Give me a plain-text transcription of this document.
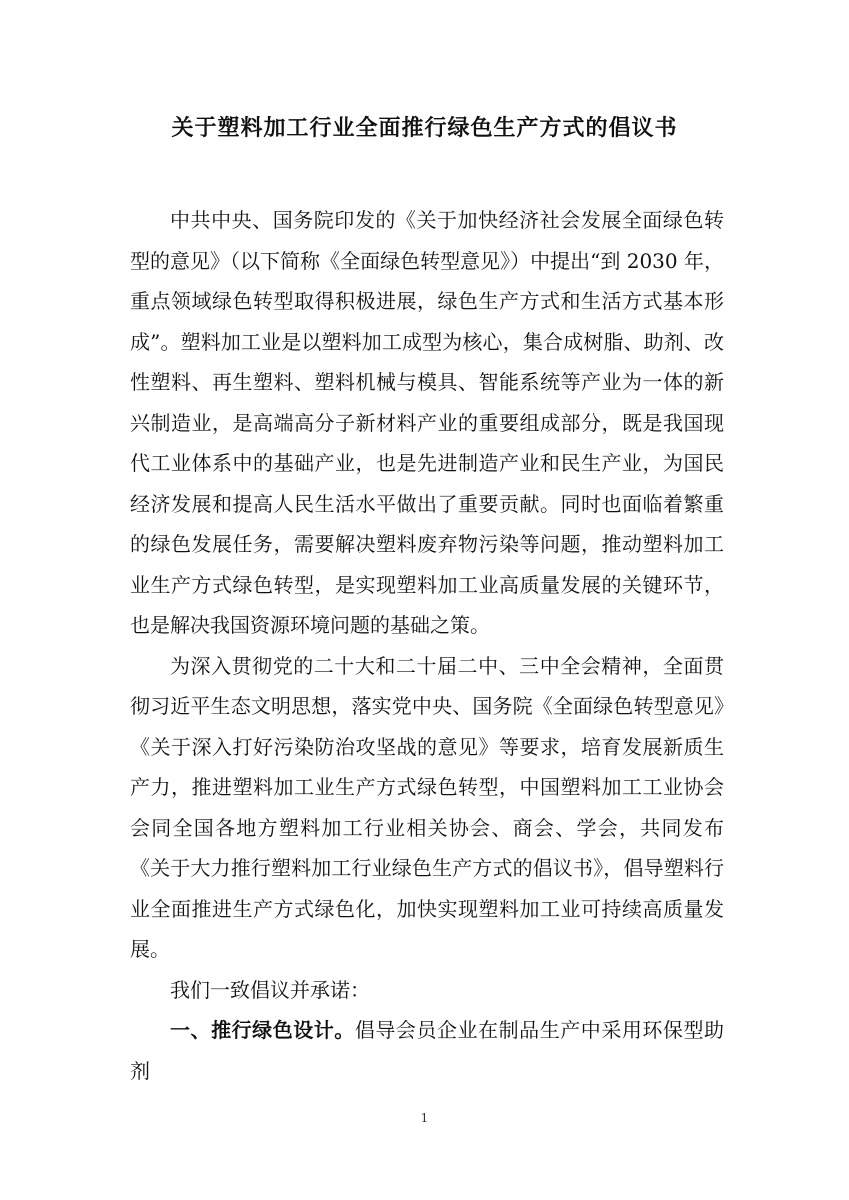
关于塑料加工行业全面推行绿色生产方式的倡议书

中共中央、国务院印发的《关于加快经济社会发展全面绿色转型的意见》（以下简称《全面绿色转型意见》）中提出“到 2030 年，重点领域绿色转型取得积极进展，绿色生产方式和生活方式基本形成”。塑料加工业是以塑料加工成型为核心，集合成树脂、助剂、改性塑料、再生塑料、塑料机械与模具、智能系统等产业为一体的新兴制造业，是高端高分子新材料产业的重要组成部分，既是我国现代工业体系中的基础产业，也是先进制造产业和民生产业，为国民经济发展和提高人民生活水平做出了重要贡献。同时也面临着繁重的绿色发展任务，需要解决塑料废弃物污染等问题，推动塑料加工业生产方式绿色转型，是实现塑料加工业高质量发展的关键环节，也是解决我国资源环境问题的基础之策。

为深入贯彻党的二十大和二十届二中、三中全会精神，全面贯彻习近平生态文明思想，落实党中央、国务院《全面绿色转型意见》《关于深入打好污染防治攻坚战的意见》等要求，培育发展新质生产力，推进塑料加工业生产方式绿色转型，中国塑料加工工业协会会同全国各地方塑料加工行业相关协会、商会、学会，共同发布《关于大力推行塑料加工行业绿色生产方式的倡议书》，倡导塑料行业全面推进生产方式绿色化，加快实现塑料加工业可持续高质量发展。

我们一致倡议并承诺：

一、推行绿色设计。倡导会员企业在制品生产中采用环保型助剂

1
